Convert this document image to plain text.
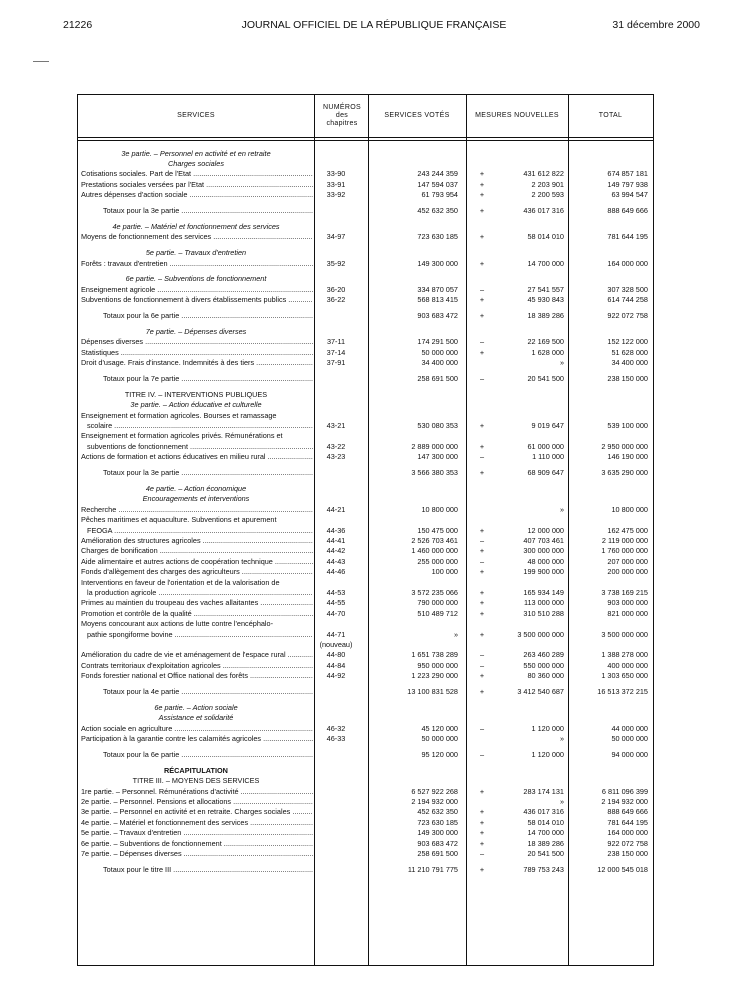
21226	JOURNAL OFFICIEL DE LA RÉPUBLIQUE FRANÇAISE	31 décembre 2000
SERVICES
NUMÉROS des chapitres
SERVICES VOTÉS	MESURES NOUVELLES	TOTAL
3e partie. – Personnel en activité et en retraite
Charges sociales
Cotisations sociales. Part de l'Etat .....	33-90	243 244 359	+	431 612 822	674 857 181
Prestations sociales versées par l'Etat .....	33-91	147 594 037	+	2 203 901	149 797 938
Autres dépenses d'action sociale .....	33-92	61 793 954	+	2 200 593	63 994 547
Totaux pour la 3e partie .....	452 632 350	+	436 017 316	888 649 666
4e partie. – Matériel et fonctionnement des services
Moyens de fonctionnement des services .....	34-97	723 630 185	+	58 014 010	781 644 195
5e partie. – Travaux d'entretien
Forêts : travaux d'entretien .....	35-92	149 300 000	+	14 700 000	164 000 000
6e partie. – Subventions de fonctionnement
Enseignement agricole .....	36-20	334 870 057	–	27 541 557	307 328 500
Subventions de fonctionnement à divers établissements publics .....	36-22	568 813 415	+	45 930 843	614 744 258
Totaux pour la 6e partie .....	903 683 472	+	18 389 286	922 072 758
7e partie. – Dépenses diverses
Dépenses diverses .....	37-11	174 291 500	–	22 169 500	152 122 000
Statistiques .....	37-14	50 000 000	+	1 628 000	51 628 000
Droit d'usage. Frais d'instance. Indemnités à des tiers .....	37-91	34 400 000	»	34 400 000
Totaux pour la 7e partie .....	258 691 500	–	20 541 500	238 150 000
TITRE IV. – INTERVENTIONS PUBLIQUES
3e partie. – Action éducative et culturelle
Enseignement et formation agricoles. Bourses et ramassage
scolaire .....	43-21	530 080 353	+	9 019 647	539 100 000
Enseignement et formation agricoles privés. Rémunérations et
subventions de fonctionnement .....	43-22	2 889 000 000	+	61 000 000	2 950 000 000
Actions de formation et actions éducatives en milieu rural .....	43-23	147 300 000	–	1 110 000	146 190 000
Totaux pour la 3e partie .....	3 566 380 353	+	68 909 647	3 635 290 000
4e partie. – Action économique
Encouragements et interventions
Recherche .....	44-21	10 800 000	»	10 800 000
Pêches maritimes et aquaculture. Subventions et apurement
FEOGA .....	44-36	150 475 000	+	12 000 000	162 475 000
Amélioration des structures agricoles .....	44-41	2 526 703 461	–	407 703 461	2 119 000 000
Charges de bonification .....	44-42	1 460 000 000	+	300 000 000	1 760 000 000
Aide alimentaire et autres actions de coopération technique .....	44-43	255 000 000	–	48 000 000	207 000 000
Fonds d'allègement des charges des agriculteurs .....	44-46	100 000	+	199 900 000	200 000 000
Interventions en faveur de l'orientation et de la valorisation de
la production agricole .....	44-53	3 572 235 066	+	165 934 149	3 738 169 215
Primes au maintien du troupeau des vaches allaitantes .....	44-55	790 000 000	+	113 000 000	903 000 000
Promotion et contrôle de la qualité .....	44-70	510 489 712	+	310 510 288	821 000 000
Moyens concourant aux actions de lutte contre l'encéphalo-
pathie spongiforme bovine .....	44-71	»	+	3 500 000 000	3 500 000 000
(nouveau)
Amélioration du cadre de vie et aménagement de l'espace rural .....	44-80	1 651 738 289	–	263 460 289	1 388 278 000
Contrats territoriaux d'exploitation agricoles .....	44-84	950 000 000	–	550 000 000	400 000 000
Fonds forestier national et Office national des forêts .....	44-92	1 223 290 000	+	80 360 000	1 303 650 000
Totaux pour la 4e partie .....	13 100 831 528	+	3 412 540 687	16 513 372 215
6e partie. – Action sociale
Assistance et solidarité
Action sociale en agriculture .....	46-32	45 120 000	–	1 120 000	44 000 000
Participation à la garantie contre les calamités agricoles .....	46-33	50 000 000	»	50 000 000
Totaux pour la 6e partie .....	95 120 000	–	1 120 000	94 000 000
RÉCAPITULATION
TITRE III. – MOYENS DES SERVICES
1re partie. – Personnel. Rémunérations d'activité .....	6 527 922 268	+	283 174 131	6 811 096 399
2e partie. – Personnel. Pensions et allocations .....	2 194 932 000	»	2 194 932 000
3e partie. – Personnel en activité et en retraite. Charges sociales .....	452 632 350	+	436 017 316	888 649 666
4e partie. – Matériel et fonctionnement des services .....	723 630 185	+	58 014 010	781 644 195
5e partie. – Travaux d'entretien .....	149 300 000	+	14 700 000	164 000 000
6e partie. – Subventions de fonctionnement .....	903 683 472	+	18 389 286	922 072 758
7e partie. – Dépenses diverses .....	258 691 500	–	20 541 500	238 150 000
Totaux pour le titre III .....	11 210 791 775	+	789 753 243	12 000 545 018
